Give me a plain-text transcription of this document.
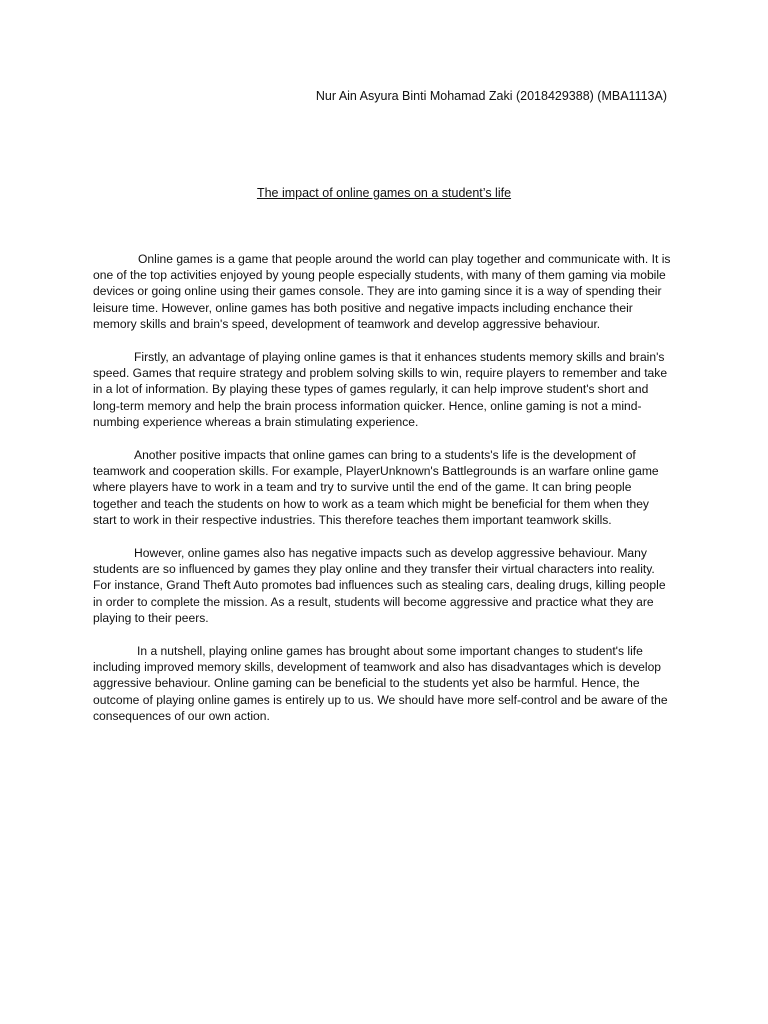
Nur Ain Asyura Binti Mohamad Zaki (2018429388) (MBA1113A)
The impact of online games on a student’s life

Online games is a game that people around the world can play together and communicate with. It is one of the top activities enjoyed by young people especially students, with many of them gaming via mobile devices or going online using their games console. They are into gaming since it is a way of spending their leisure time. However, online games has both positive and negative impacts including enchance their memory skills and brain's speed, development of teamwork and develop aggressive behaviour.

Firstly, an advantage of playing online games is that it enhances students memory skills and brain's speed. Games that require strategy and problem solving skills to win, require players to remember and take in a lot of information. By playing these types of games regularly, it can help improve student's short and long-term memory and help the brain process information quicker. Hence, online gaming is not a mind-numbing experience whereas a brain stimulating experience.

Another positive impacts that online games can bring to a students's life is the development of teamwork and cooperation skills. For example, PlayerUnknown's Battlegrounds is an warfare online game where players have to work in a team and try to survive until the end of the game. It can bring people together and teach the students on how to work as a team which might be beneficial for them when they start to work in their respective industries. This therefore teaches them important teamwork skills.

However, online games also has negative impacts such as develop aggressive behaviour. Many students are so influenced by games they play online and they transfer their virtual characters into reality. For instance, Grand Theft Auto promotes bad influences such as stealing cars, dealing drugs, killing people in order to complete the mission. As a result, students will become aggressive and practice what they are playing to their peers.

In a nutshell, playing online games has brought about some important changes to student's life including improved memory skills, development of teamwork and also has disadvantages which is develop aggressive behaviour. Online gaming can be beneficial to the students yet also be harmful. Hence, the outcome of playing online games is entirely up to us. We should have more self-control and be aware of the consequences of our own action.
